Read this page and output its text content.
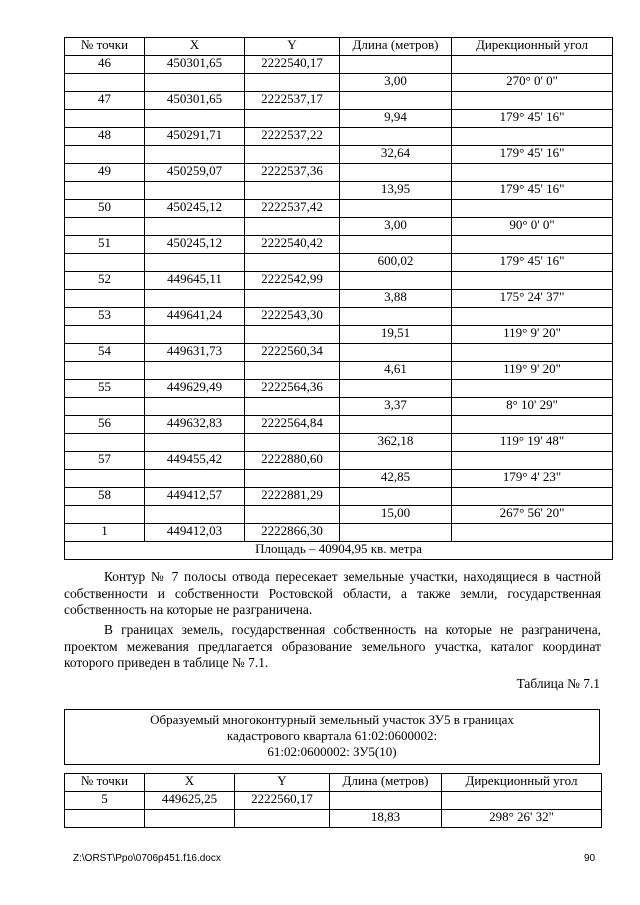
№ точки	X	Y	Длина (метров)	Дирекционный угол
46	450301,65	2222540,17		
			3,00	270° 0' 0"
47	450301,65	2222537,17		
			9,94	179° 45' 16"
48	450291,71	2222537,22		
			32,64	179° 45' 16"
49	450259,07	2222537,36		
			13,95	179° 45' 16"
50	450245,12	2222537,42		
			3,00	90° 0' 0"
51	450245,12	2222540,42		
			600,02	179° 45' 16"
52	449645,11	2222542,99		
			3,88	175° 24' 37"
53	449641,24	2222543,30		
			19,51	119° 9' 20"
54	449631,73	2222560,34		
			4,61	119° 9' 20"
55	449629,49	2222564,36		
			3,37	8° 10' 29"
56	449632,83	2222564,84		
			362,18	119° 19' 48"
57	449455,42	2222880,60		
			42,85	179° 4' 23"
58	449412,57	2222881,29		
			15,00	267° 56' 20"
1	449412,03	2222866,30		
Площадь – 40904,95 кв. метра				

Контур № 7 полосы отвода пересекает земельные участки, находящиеся в частной собственности и собственности Ростовской области, а также земли, государственная собственность на которые не разграничена.

В границах земель, государственная собственность на которые не разграничена, проектом межевания предлагается образование земельного участка, каталог координат которого приведен в таблице № 7.1.

Таблица № 7.1
Образуемый многоконтурный земельный участок ЗУ5 в границах
кадастрового квартала 61:02:0600002:
61:02:0600002: ЗУ5(10)
№ точки	X	Y	Длина (метров)	Дирекционный угол
5	449625,25	2222560,17		
			18,83	298° 26' 32"
Z:\ORST\Ppo\0706p451.f16.docx	90
